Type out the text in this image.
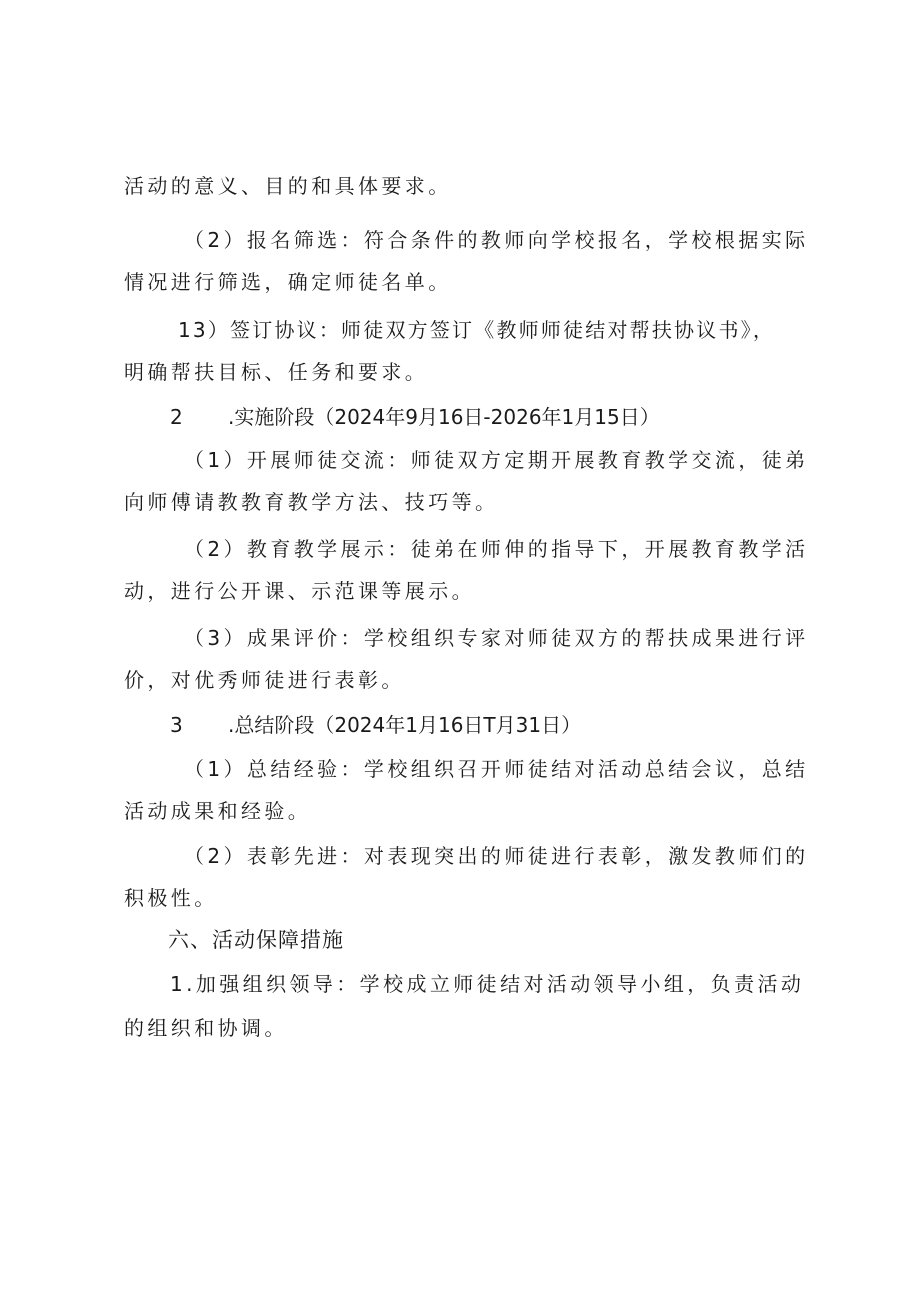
活动的意义、目的和具体要求。
（2）报名筛选：符合条件的教师向学校报名，学校根据实际
情况进行筛选，确定师徒名单。
13）签订协议：师徒双方签订《教师师徒结对帮扶协议书》，
明确帮扶目标、任务和要求。
2 .实施阶段（2024年9月16日-2026年1月15日）
（1）开展师徒交流：师徒双方定期开展教育教学交流，徒弟
向师傅请教教育教学方法、技巧等。
（2）教育教学展示：徒弟在师伸的指导下，开展教育教学活
动，进行公开课、示范课等展示。
（3）成果评价：学校组织专家对师徒双方的帮扶成果进行评
价，对优秀师徒进行表彰。
3 .总结阶段（2024年1月16日T月31日）
（1）总结经验：学校组织召开师徒结对活动总结会议，总结
活动成果和经验。
（2）表彰先进：对表现突出的师徒进行表彰，激发教师们的
积极性。
六、活动保障措施
1.加强组织领导：学校成立师徒结对活动领导小组，负责活动
的组织和协调。
